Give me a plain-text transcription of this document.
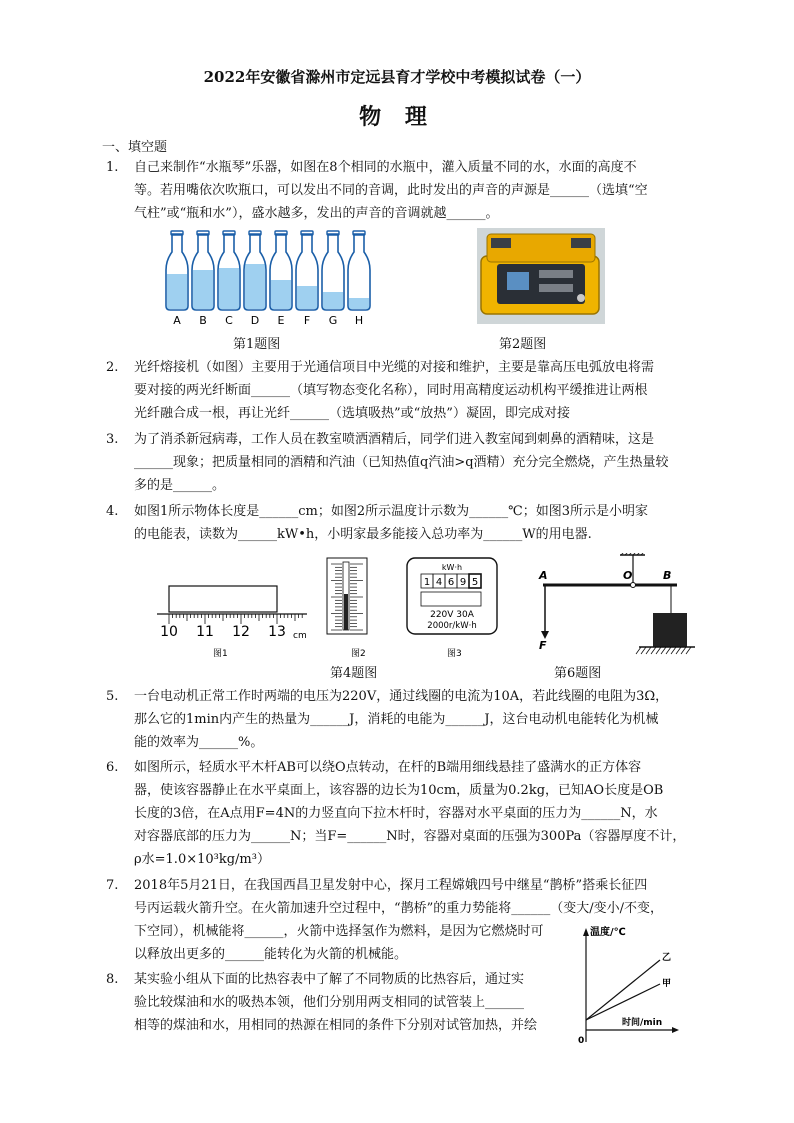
2022年安徽省滁州市定远县育才学校中考模拟试卷（一）
物 理
一、填空题
1.	自己来制作“水瓶琴”乐器，如图在8个相同的水瓶中，灌入质量不同的水，水面的高度不
等。若用嘴依次吹瓶口，可以发出不同的音调，此时发出的声音的声源是______（选填“空
气柱”或“瓶和水”），盛水越多，发出的声音的音调就越______。
A B C D E F G H
第1题图	第2题图
2.	光纤熔接机（如图）主要用于光通信项目中光缆的对接和维护，主要是靠高压电弧放电将需
要对接的两光纤断面______（填写物态变化名称），同时用高精度运动机构平缓推进让两根
光纤融合成一根，再让光纤______（选填吸热”或“放热”）凝固，即完成对接
3.	为了消杀新冠病毒，工作人员在教室喷洒酒精后，同学们进入教室闻到刺鼻的酒精味，这是
______现象；把质量相同的酒精和汽油（已知热值q汽油>q酒精）充分完全燃烧，产生热量较
多的是______。
4.	如图1所示物体长度是______cm；如图2所示温度计示数为______℃；如图3所示是小明家
的电能表，读数为______kW•h，小明家最多能接入总功率为______W的用电器.
10 11 12 13 cm
图1	图2
kW·h
1 4 6 9 5
220V 30A
2000r/kW·h
图3
A	O	B
F
第4题图	第6题图
5.	一台电动机正常工作时两端的电压为220V，通过线圈的电流为10A，若此线圈的电阻为3Ω，
那么它的1min内产生的热量为______J，消耗的电能为______J，这台电动机电能转化为机械
能的效率为______%。
6.	如图所示，轻质水平木杆AB可以绕O点转动，在杆的B端用细线悬挂了盛满水的正方体容
器，使该容器静止在水平桌面上，该容器的边长为10cm，质量为0.2kg，已知AO长度是OB
长度的3倍，在A点用F=4N的力竖直向下拉木杆时，容器对水平桌面的压力为______N，水
对容器底部的压力为______N；当F=______N时，容器对桌面的压强为300Pa（容器厚度不计，
ρ水=1.0×10³kg/m³）
7.	2018年5月21日，在我国西昌卫星发射中心，探月工程嫦娥四号中继星“鹊桥”搭乘长征四
号丙运载火箭升空。在火箭加速升空过程中，“鹊桥”的重力势能将______（变大/变小/不变，
下空同），机械能将______，火箭中选择氢作为燃料，是因为它燃烧时可
以释放出更多的______能转化为火箭的机械能。
8.	某实验小组从下面的比热容表中了解了不同物质的比热容后，通过实
验比较煤油和水的吸热本领，他们分别用两支相同的试管装上______
相等的煤油和水，用相同的热源在相同的条件下分别对试管加热，并绘
温度/℃
时间/min
0
乙
甲
